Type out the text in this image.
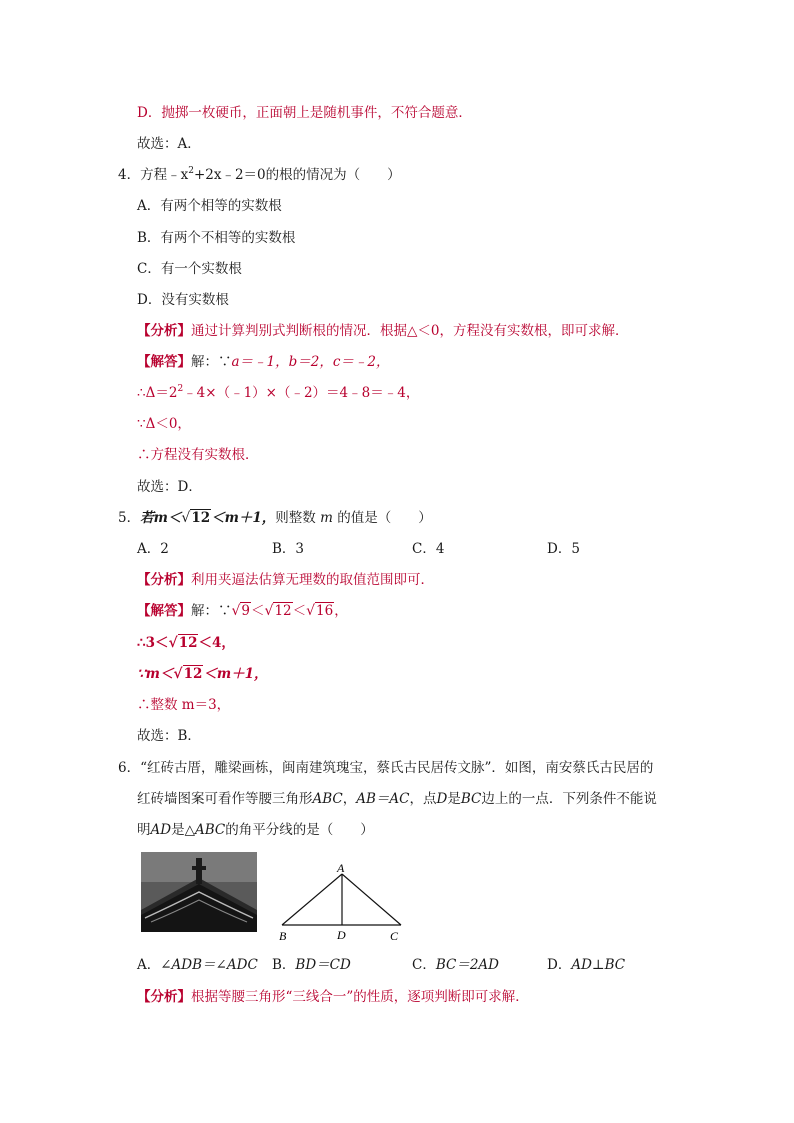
D．抛掷一枚硬币，正面朝上是随机事件，不符合题意．
故选：A．
4．方程$﹣x^2+2x﹣2=0$的根的情况为（　　）
A．有两个相等的实数根
B．有两个不相等的实数根
C．有一个实数根
D．没有实数根
【分析】通过计算判别式判断根的情况．根据△＜0，方程没有实数根，即可求解．
【解答】解：∵a＝﹣1，b＝2，c＝﹣2，
$\therefore\Delta=2^2﹣4\times(﹣1)\times(﹣2)=4﹣8=﹣4$，
∵Δ＜0，
∴方程没有实数根．
故选：D．
5．若m＜√12＜m＋1，则整数 m 的值是（　　）
A．2	B．3	C．4	D．5
【分析】利用夹逼法估算无理数的取值范围即可．
【解答】解：∵√9＜√12＜√16，
∴3＜√12＜4，
∵m＜√12＜m＋1，
∴整数 m＝3，
故选：B．
6．“红砖古厝，雕梁画栋，闽南建筑瑰宝，蔡氏古民居传文脉”．如图，南安蔡氏古民居的
红砖墙图案可看作等腰三角形ABC，AB＝AC，点D是BC边上的一点．下列条件不能说
明AD是△ABC的角平分线的是（　　）
A
B	D	C
A．∠ADB＝∠ADC B．BD＝CD	C．BC＝2AD	D．AD⊥BC
【分析】根据等腰三角形“三线合一”的性质，逐项判断即可求解．
